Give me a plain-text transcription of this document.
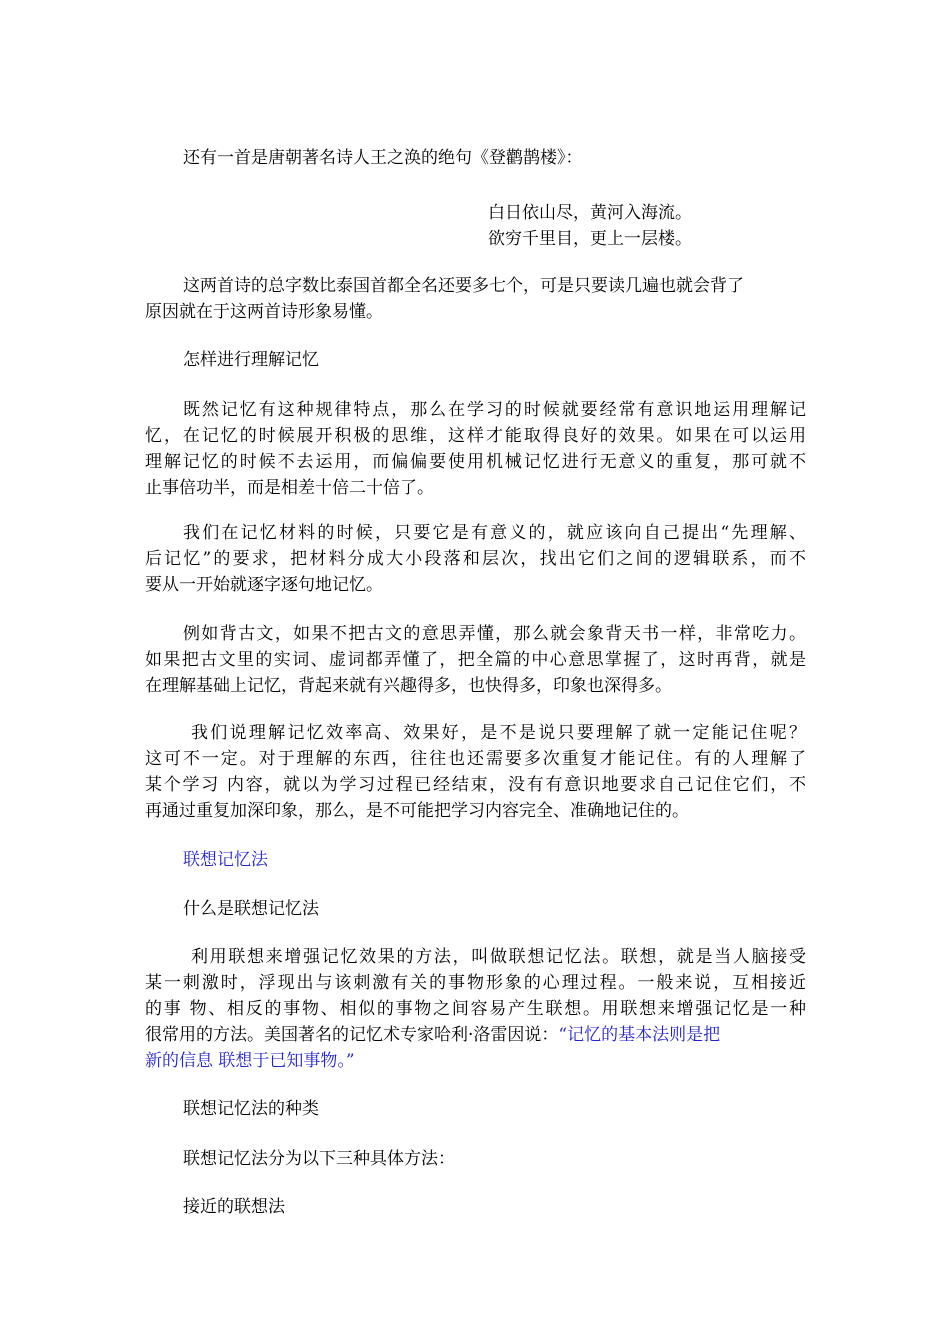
还有一首是唐朝著名诗人王之涣的绝句《登鹳鹊楼》：
白日依山尽，黄河入海流。
欲穷千里目，更上一层楼。
这两首诗的总字数比泰国首都全名还要多七个，可是只要读几遍也就会背了
原因就在于这两首诗形象易懂。
怎样进行理解记忆
既然记忆有这种规律特点，那么在学习的时候就要经常有意识地运用理解记
忆，在记忆的时候展开积极的思维，这样才能取得良好的效果。如果在可以运用
理解记忆的时候不去运用，而偏偏要使用机械记忆进行无意义的重复，那可就不
止事倍功半，而是相差十倍二十倍了。
我们在记忆材料的时候，只要它是有意义的，就应该向自己提出“先理解、
后记忆”的要求，把材料分成大小段落和层次，找出它们之间的逻辑联系，而不
要从一开始就逐字逐句地记忆。
例如背古文，如果不把古文的意思弄懂，那么就会象背天书一样，非常吃力。
如果把古文里的实词、虚词都弄懂了，把全篇的中心意思掌握了，这时再背，就是
在理解基础上记忆，背起来就有兴趣得多，也快得多，印象也深得多。
我们说理解记忆效率高、效果好，是不是说只要理解了就一定能记住呢？
这可不一定。对于理解的东西，往往也还需要多次重复才能记住。有的人理解了
某个学习 内容，就以为学习过程已经结束，没有有意识地要求自己记住它们，不
再通过重复加深印象，那么，是不可能把学习内容完全、准确地记住的。
联想记忆法
什么是联想记忆法
利用联想来增强记忆效果的方法，叫做联想记忆法。联想，就是当人脑接受
某一刺激时，浮现出与该刺激有关的事物形象的心理过程。一般来说，互相接近
的事 物、相反的事物、相似的事物之间容易产生联想。用联想来增强记忆是一种
很常用的方法。美国著名的记忆术专家哈利·洛雷因说：“记忆的基本法则是把
新的信息 联想于已知事物。”
联想记忆法的种类
联想记忆法分为以下三种具体方法：
接近的联想法
